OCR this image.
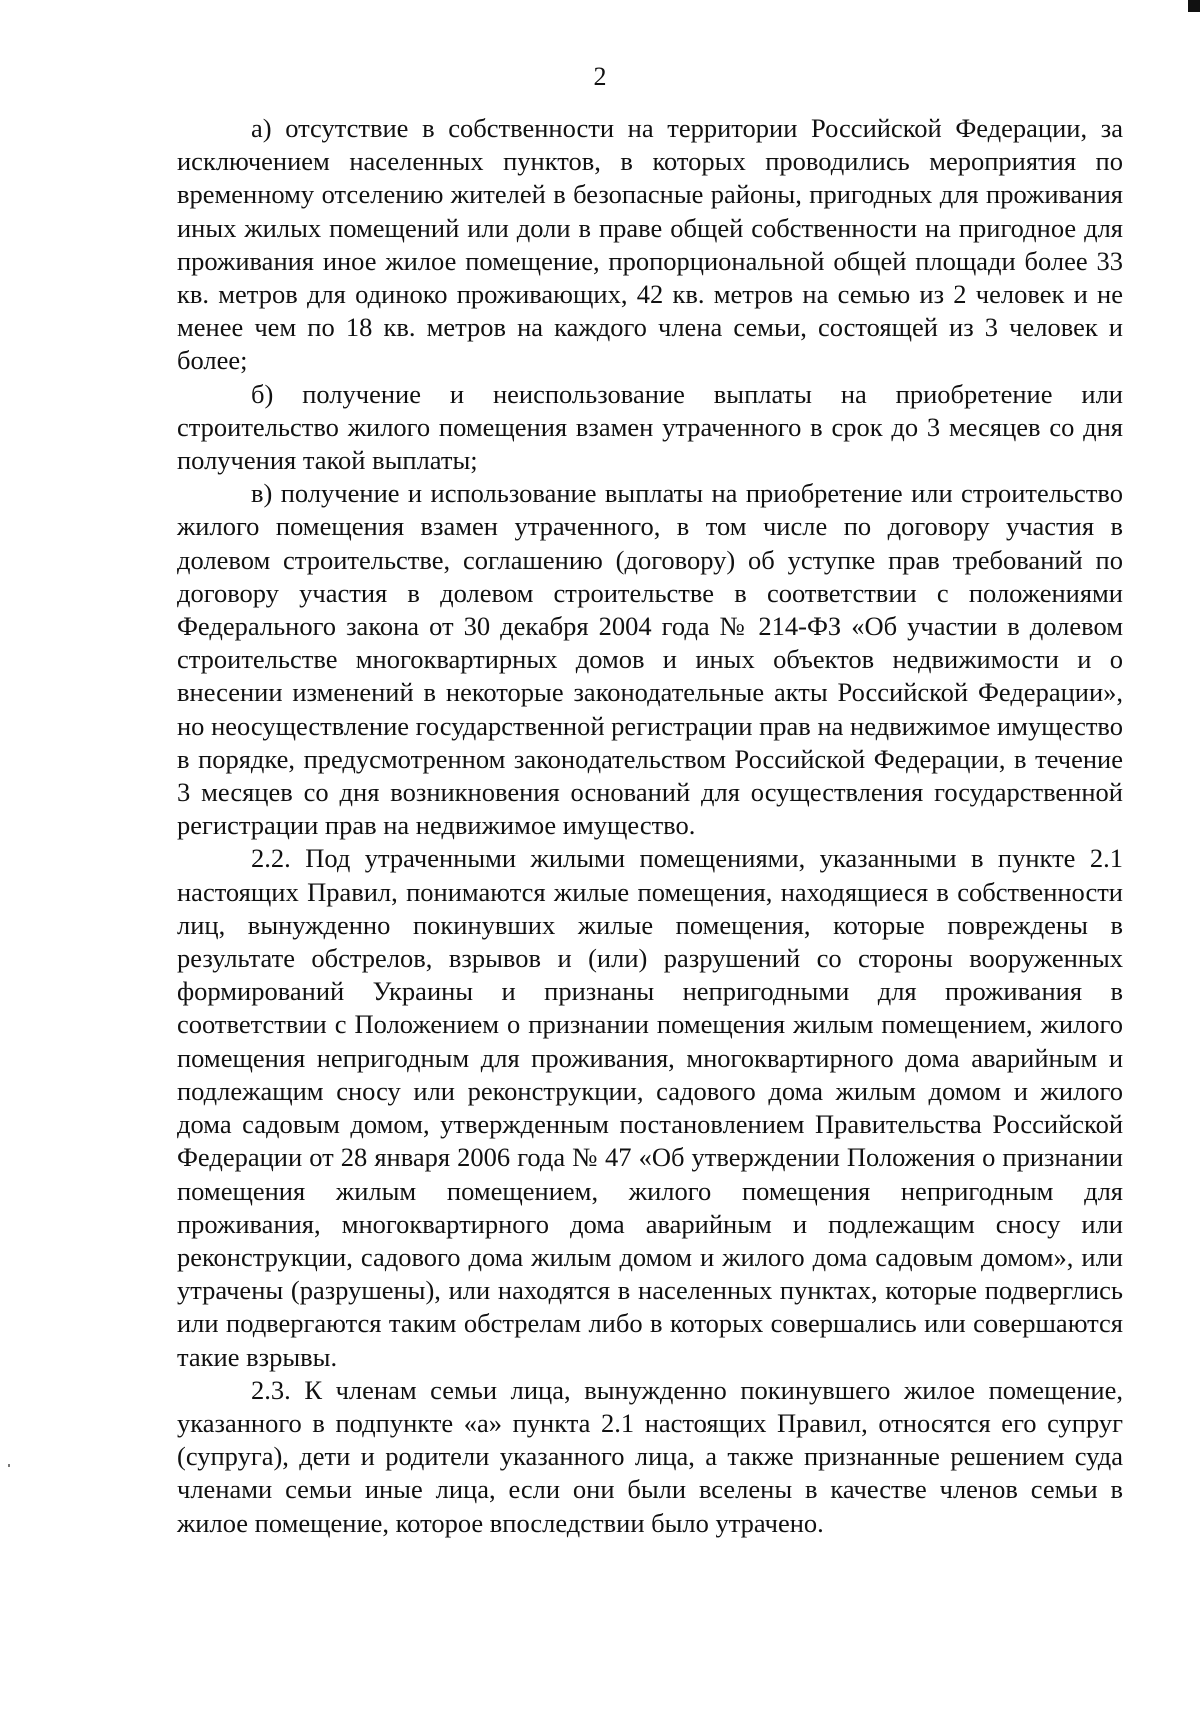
2

а) отсутствие в собственности на территории Российской Федерации, за исключением населенных пунктов, в которых проводились мероприятия по временному отселению жителей в безопасные районы, пригодных для проживания иных жилых помещений или доли в праве общей собственности на пригодное для проживания иное жилое помещение, пропорциональной общей площади более 33 кв. метров для одиноко проживающих, 42 кв. метров на семью из 2 человек и не менее чем по 18 кв. метров на каждого члена семьи, состоящей из 3 человек и более;

б) получение и неиспользование выплаты на приобретение или строительство жилого помещения взамен утраченного в срок до 3 месяцев со дня получения такой выплаты;

в) получение и использование выплаты на приобретение или строительство жилого помещения взамен утраченного, в том числе по договору участия в долевом строительстве, соглашению (договору) об уступке прав требований по договору участия в долевом строительстве в соответствии с положениями Федерального закона от 30 декабря 2004 года № 214-ФЗ «Об участии в долевом строительстве многоквартирных домов и иных объектов недвижимости и о внесении изменений в некоторые законодательные акты Российской Федерации», но неосуществление государственной регистрации прав на недвижимое имущество в порядке, предусмотренном законодательством Российской Федерации, в течение 3 месяцев со дня возникновения оснований для осуществления государственной регистрации прав на недвижимое имущество.

2.2. Под утраченными жилыми помещениями, указанными в пункте 2.1 настоящих Правил, понимаются жилые помещения, находящиеся в собственности лиц, вынужденно покинувших жилые помещения, которые повреждены в результате обстрелов, взрывов и (или) разрушений со стороны вооруженных формирований Украины и признаны непригодными для проживания в соответствии с Положением о признании помещения жилым помещением, жилого помещения непригодным для проживания, многоквартирного дома аварийным и подлежащим сносу или реконструкции, садового дома жилым домом и жилого дома садовым домом, утвержденным постановлением Правительства Российской Федерации от 28 января 2006 года № 47 «Об утверждении Положения о признании помещения жилым помещением, жилого помещения непригодным для проживания, многоквартирного дома аварийным и подлежащим сносу или реконструкции, садового дома жилым домом и жилого дома садовым домом», или утрачены (разрушены), или находятся в населенных пунктах, которые подверглись или подвергаются таким обстрелам либо в которых совершались или совершаются такие взрывы.

2.3. К членам семьи лица, вынужденно покинувшего жилое помещение, указанного в подпункте «а» пункта 2.1 настоящих Правил, относятся его супруг (супруга), дети и родители указанного лица, а также признанные решением суда членами семьи иные лица, если они были вселены в качестве членов семьи в жилое помещение, которое впоследствии было утрачено.
